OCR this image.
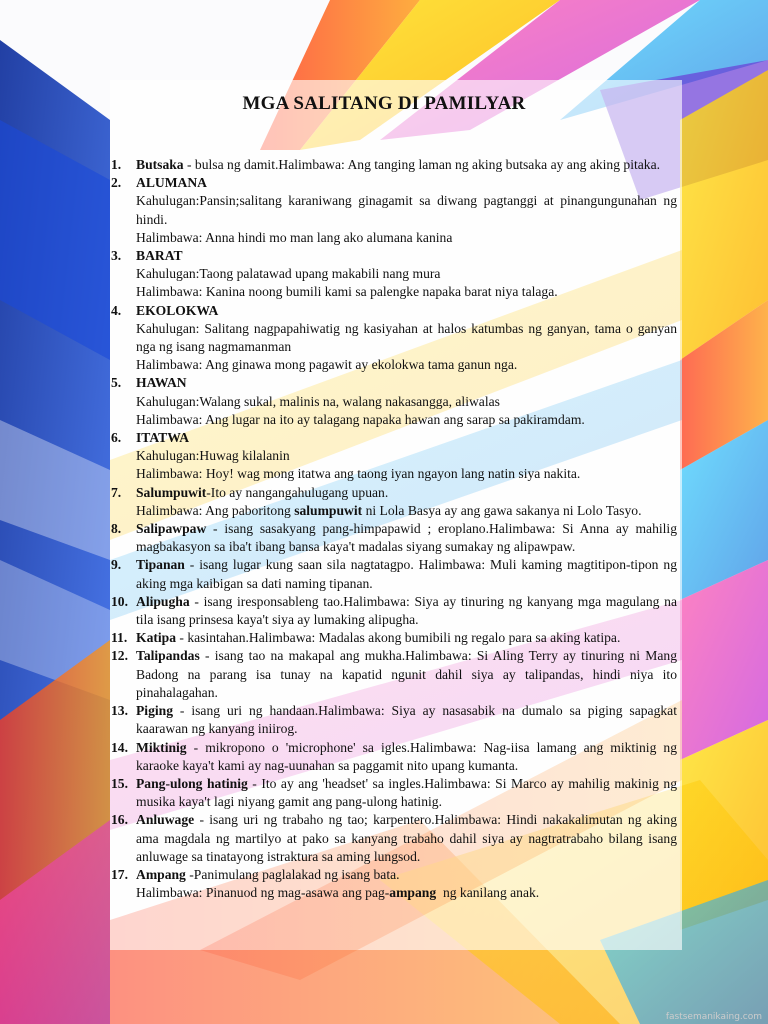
MGA SALITANG DI PAMILYAR
1. Butsaka - bulsa ng damit.Halimbawa: Ang tanging laman ng aking butsaka ay ang aking pitaka.
2. ALUMANA
Kahulugan:Pansin;salitang karaniwang ginagamit sa diwang pagtanggi at pinangungunahan ng hindi.
Halimbawa: Anna hindi mo man lang ako alumana kanina
3. BARAT
Kahulugan:Taong palatawad upang makabili nang mura
Halimbawa: Kanina noong bumili kami sa palengke napaka barat niya talaga.
4. EKOLOKWA
Kahulugan: Salitang nagpapahiwatig ng kasiyahan at halos katumbas ng ganyan, tama o ganyan nga ng isang nagmamanman
Halimbawa: Ang ginawa mong pagawit ay ekolokwa tama ganun nga.
5. HAWAN
Kahulugan:Walang sukal, malinis na, walang nakasangga, aliwalas
Halimbawa: Ang lugar na ito ay talagang napaka hawan ang sarap sa pakiramdam.
6. ITATWA
Kahulugan:Huwag kilalanin
Halimbawa: Hoy! wag mong itatwa ang taong iyan ngayon lang natin siya nakita.
7. Salumpuwit-Ito ay nangangahulugang upuan.
Halimbawa: Ang paboritong salumpuwit ni Lola Basya ay ang gawa sakanya ni Lolo Tasyo.
8. Salipawpaw - isang sasakyang pang-himpapawid ; eroplano.Halimbawa: Si Anna ay mahilig magbakasyon sa iba't ibang bansa kaya't madalas siyang sumakay ng alipawpaw.
9. Tipanan - isang lugar kung saan sila nagtatagpo. Halimbawa: Muli kaming magtitipon-tipon ng aking mga kaibigan sa dati naming tipanan.
10. Alipugha - isang iresponsableng tao.Halimbawa: Siya ay tinuring ng kanyang mga magulang na tila isang prinsesa kaya't siya ay lumaking alipugha.
11. Katipa - kasintahan.Halimbawa: Madalas akong bumibili ng regalo para sa aking katipa.
12. Talipandas - isang tao na makapal ang mukha.Halimbawa: Si Aling Terry ay tinuring ni Mang Badong na parang isa tunay na kapatid ngunit dahil siya ay talipandas, hindi niya ito pinahalagahan.
13. Piging - isang uri ng handaan.Halimbawa: Siya ay nasasabik na dumalo sa piging sapagkat kaarawan ng kanyang iniirog.
14. Miktinig - mikropono o 'microphone' sa igles.Halimbawa: Nag-iisa lamang ang miktinig ng karaoke kaya't kami ay nag-uunahan sa paggamit nito upang kumanta.
15. Pang-ulong hatinig - Ito ay ang 'headset' sa ingles.Halimbawa: Si Marco ay mahilig makinig ng musika kaya't lagi niyang gamit ang pang-ulong hatinig.
16. Anluwage - isang uri ng trabaho ng tao; karpentero.Halimbawa: Hindi nakakalimutan ng aking ama magdala ng martilyo at pako sa kanyang trabaho dahil siya ay nagtratrabaho bilang isang anluwage sa tinatayong istraktura sa aming lungsod.
17. Ampang -Panimulang paglalakad ng isang bata.
Halimbawa: Pinanuod ng mag-asawa ang pag-ampang  ng kanilang anak.
fastsemanikaing.com
